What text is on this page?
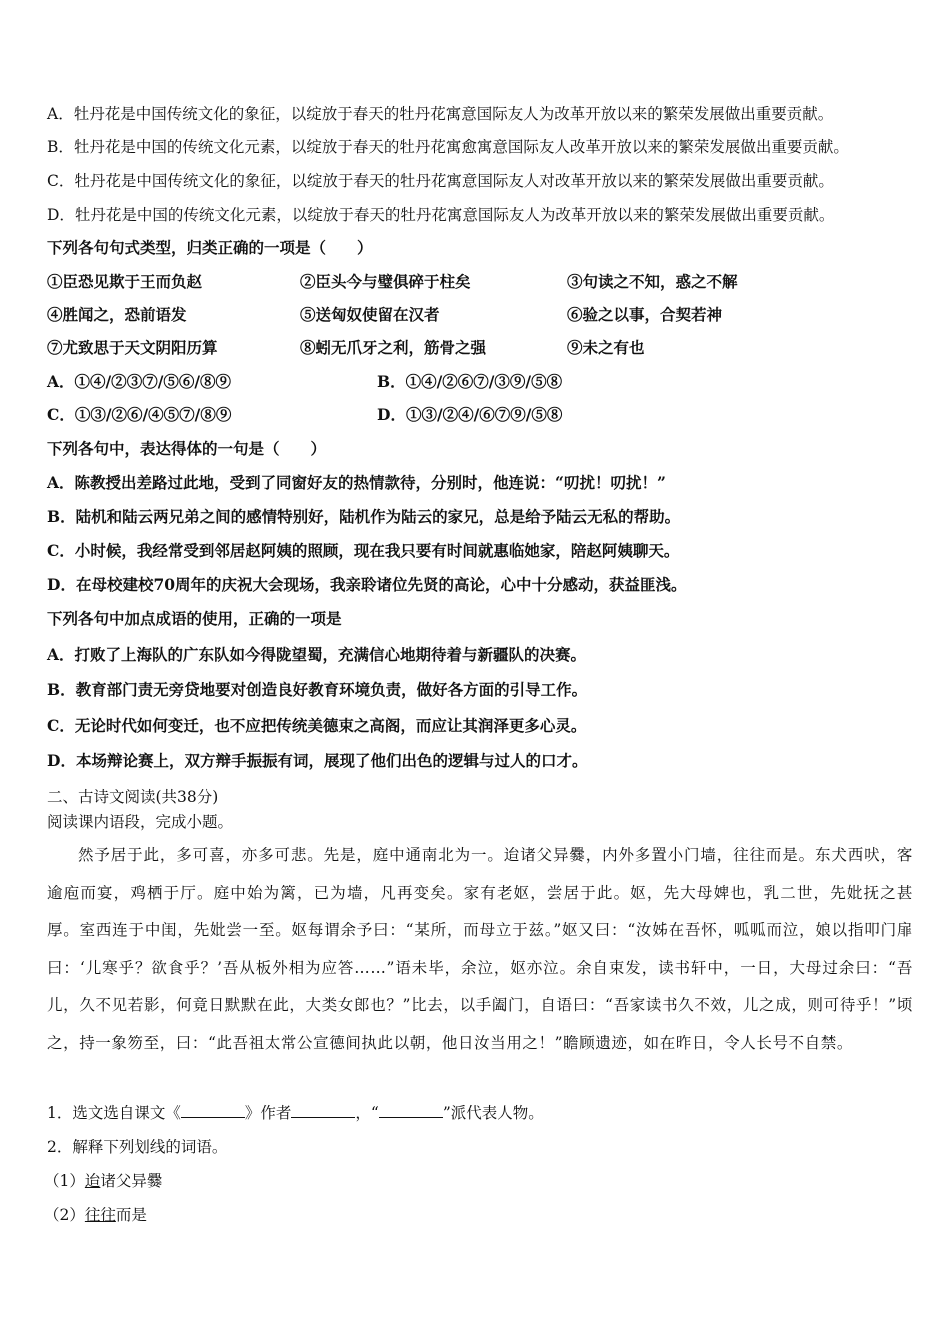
A．牡丹花是中国传统文化的象征，以绽放于春天的牡丹花寓意国际友人为改革开放以来的繁荣发展做出重要贡献。
B．牡丹花是中国的传统文化元素，以绽放于春天的牡丹花寓愈寓意国际友人改革开放以来的繁荣发展做出重要贡献。
C．牡丹花是中国传统文化的象征，以绽放于春天的牡丹花寓意国际友人对改革开放以来的繁荣发展做出重要贡献。
D．牡丹花是中国的传统文化元素，以绽放于春天的牡丹花寓意国际友人为改革开放以来的繁荣发展做出重要贡献。
下列各句句式类型，归类正确的一项是（　　）
①臣恐见欺于王而负赵	②臣头今与璧俱碎于柱矣	③句读之不知，惑之不解
④胜闻之，恐前语发	⑤送匈奴使留在汉者	⑥验之以事，合契若神
⑦尤致思于天文阴阳历算	⑧蚓无爪牙之利，筋骨之强	⑨未之有也
A．①④/②③⑦/⑤⑥/⑧⑨	B．①④/②⑥⑦/③⑨/⑤⑧
C．①③/②⑥/④⑤⑦/⑧⑨	D．①③/②④/⑥⑦⑨/⑤⑧
下列各句中，表达得体的一句是（　　）
A．陈教授出差路过此地，受到了同窗好友的热情款待，分别时，他连说：“叨扰！叨扰！”
B．陆机和陆云两兄弟之间的感情特别好，陆机作为陆云的家兄，总是给予陆云无私的帮助。
C．小时候，我经常受到邻居赵阿姨的照顾，现在我只要有时间就惠临她家，陪赵阿姨聊天。
D．在母校建校70周年的庆祝大会现场，我亲聆诸位先贤的高论，心中十分感动，获益匪浅。
下列各句中加点成语的使用，正确的一项是
A．打败了上海队的广东队如今得陇望蜀，充满信心地期待着与新疆队的决赛。
B．教育部门责无旁贷地要对创造良好教育环境负责，做好各方面的引导工作。
C．无论时代如何变迁，也不应把传统美德束之高阁，而应让其润泽更多心灵。
D．本场辩论赛上，双方辩手振振有词，展现了他们出色的逻辑与过人的口才。
二、古诗文阅读(共38分)
阅读课内语段，完成小题。
然予居于此，多可喜，亦多可悲。先是，庭中通南北为一。迨诸父异爨，内外多置小门墙，往往而是。东犬西吠，客逾庖而宴，鸡栖于厅。庭中始为篱，已为墙，凡再变矣。家有老妪，尝居于此。妪，先大母婢也，乳二世，先妣抚之甚厚。室西连于中闺，先妣尝一至。妪每谓余予曰：“某所，而母立于兹。”妪又曰：“汝姊在吾怀，呱呱而泣，娘以指叩门扉曰：‘儿寒乎？欲食乎？’吾从板外相为应答……”语未毕，余泣，妪亦泣。余自束发，读书轩中，一日，大母过余曰：“吾儿，久不见若影，何竟日默默在此，大类女郎也？”比去，以手阖门，自语曰：“吾家读书久不效，儿之成，则可待乎！”顷之，持一象笏至，曰：“此吾祖太常公宣德间执此以朝，他日汝当用之！”瞻顾遗迹，如在昨日，令人长号不自禁。
1．选文选自课文《	》作者	，“	”派代表人物。
2．解释下列划线的词语。
（1）迨诸父异爨
（2）往往而是
